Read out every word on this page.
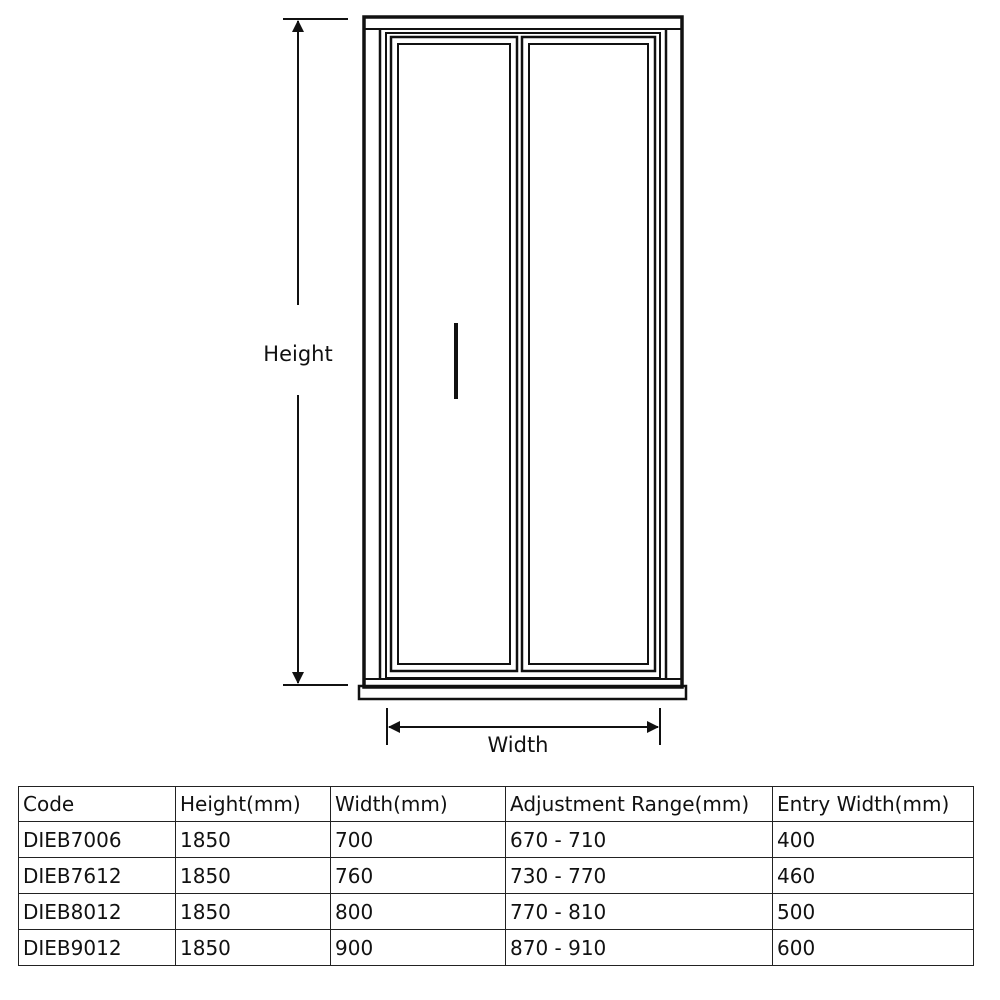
Height
Width
Code	Height(mm)	Width(mm)	Adjustment Range(mm)	Entry Width(mm)
DIEB7006	1850	700	670 - 710	400
DIEB7612	1850	760	730 - 770	460
DIEB8012	1850	800	770 - 810	500
DIEB9012	1850	900	870 - 910	600
